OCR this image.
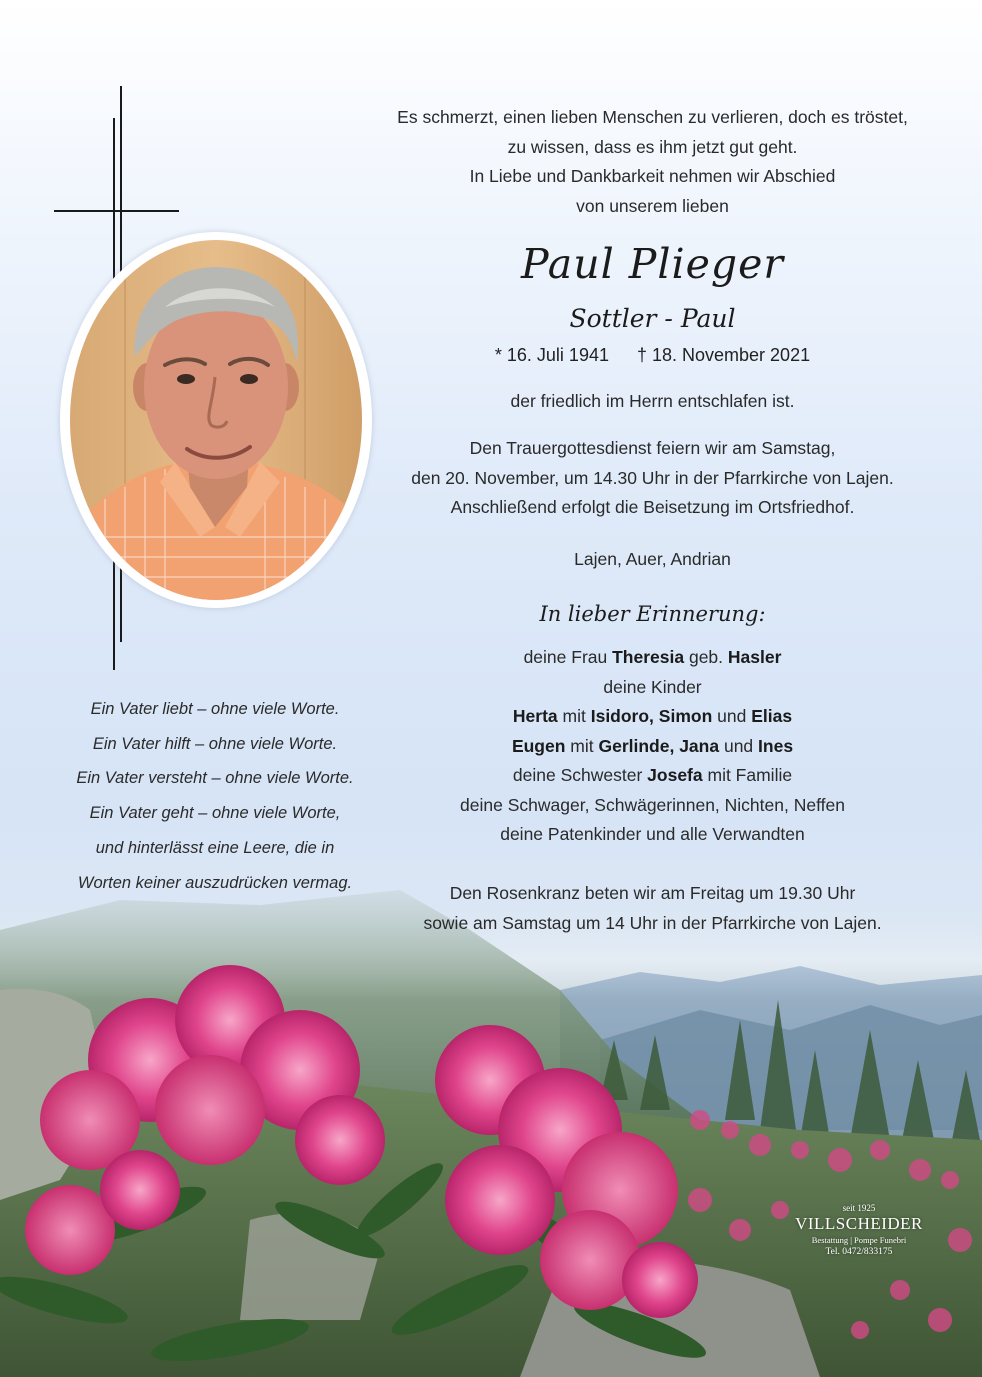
Es schmerzt, einen lieben Menschen zu verlieren, doch es tröstet,
zu wissen, dass es ihm jetzt gut geht.
In Liebe und Dankbarkeit nehmen wir Abschied
von unserem lieben
Paul Plieger
Sottler - Paul
* 16. Juli 1941 † 18. November 2021
der friedlich im Herrn entschlafen ist.
Den Trauergottesdienst feiern wir am Samstag,
den 20. November, um 14.30 Uhr in der Pfarrkirche von Lajen.
Anschließend erfolgt die Beisetzung im Ortsfriedhof.
Lajen, Auer, Andrian
In lieber Erinnerung:
deine Frau Theresia geb. Hasler
deine Kinder
Herta mit Isidoro, Simon und Elias
Eugen mit Gerlinde, Jana und Ines
deine Schwester Josefa mit Familie
deine Schwager, Schwägerinnen, Nichten, Neffen
deine Patenkinder und alle Verwandten
Den Rosenkranz beten wir am Freitag um 19.30 Uhr
sowie am Samstag um 14 Uhr in der Pfarrkirche von Lajen.
Ein Vater liebt – ohne viele Worte.
Ein Vater hilft – ohne viele Worte.
Ein Vater versteht – ohne viele Worte.
Ein Vater geht – ohne viele Worte,
und hinterlässt eine Leere, die in
Worten keiner auszudrücken vermag.
seit 1925
VILLSCHEIDER
Bestattung | Pompe Funebri
Tel. 0472/833175
